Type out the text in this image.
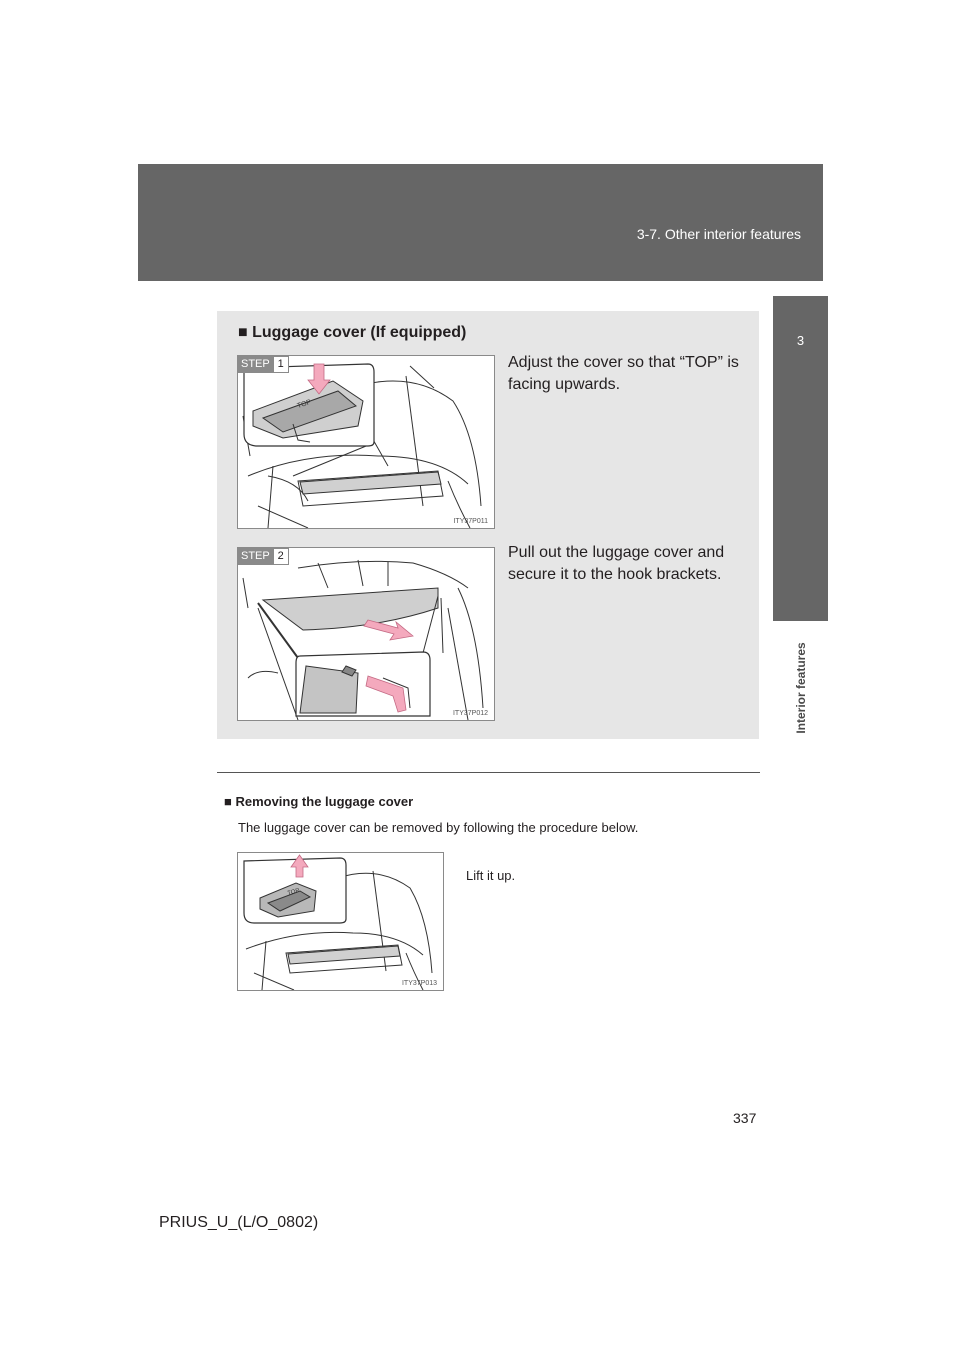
3-7. Other interior features
3
Interior features
■ Luggage cover (If equipped)
TOP
STEP 1
ITY37P011
Adjust the cover so that “TOP” is facing upwards.
STEP 2
ITY37P012
Pull out the luggage cover and secure it to the hook brackets.
■ Removing the luggage cover
The luggage cover can be removed by following the procedure below.
TOP
ITY37P013
Lift it up.
337
PRIUS_U_(L/O_0802)
